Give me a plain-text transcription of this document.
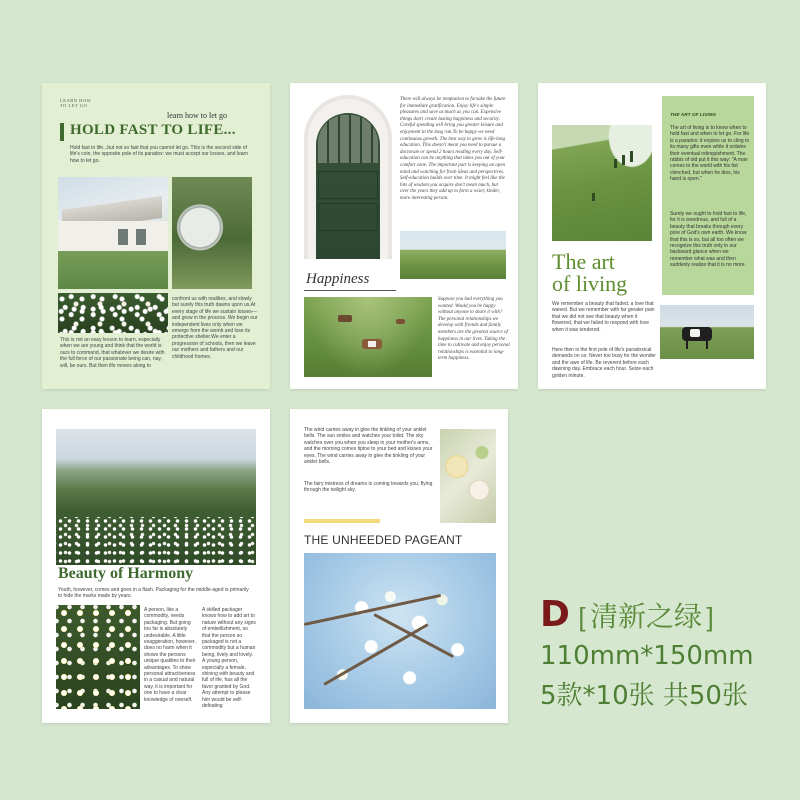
LEARN HOW
TO LET GO
learn how to let go
HOLD FAST TO LIFE...
Hold fast to life...but not so fast that you cannot let go. This is the second side of life's coin, the opposite pole of its paradox: we must accept our losses, and learn how to let go.
confront us with realities, and slowly but surely this truth dawns upon us.At every stage of life we sustain losses—and grow in the process. We begin our independent lives only when we emerge from the womb and lose its protective shelter.We enter a progression of schools, then we leave our mothers and fathers and our childhood homes.
This is not an easy lesson to learn, especially when we are young and think that the world is ours to command, that whatever we desire with the full force of our passionate being can, nay, will, be ours. But then life moves along to
There will always be temptation to forsake the future for immediate gratification. Enjoy life's simple pleasures and save as much as you can. Expensive things don't create lasting happiness and security. Careful spending will bring you greater leisure and enjoyment in the long run.To be happy we need continuous growth. The best way to grow is life-long education. This doesn't mean you need to pursue a doctorate or spend 2 hours reading every day. Self-education can be anything that takes you out of your comfort zone. The important part is keeping an open mind and watching for fresh ideas and perspectives. Self-education builds over time. It might feel like the bits of wisdom you acquire don't mean much, but over the years they add up to form a wiser, kinder, more interesting person.
Happiness
Suppose you had everything you wanted. Would you be happy without anyone to share it with? The personal relationships we develop with friends and family members are the greatest source of happiness in our lives. Taking the time to cultivate and enjoy personal relationships is essential to long-term happiness.
THE ART OF LIVING
The art of living is to know when to hold fast and when to let go. For life is a paradox: it enjoins us to cling to its many gifts even while it ordains their eventual relinquishment. The rabbis of old put it this way: "A man comes to the world with his fist clenched, but when he dies, his hand is open."
Surely we ought to hold fast to life, for it is wondrous, and full of a beauty that breaks through every pore of God's own earth. We know that this is so, but all too often we recognize this truth only in our backward glance when we remember what was and then suddenly realize that it is no more.
The art
of living
We remember a beauty that faded, a love that waned. But we remember with far greater pain that we did not see that beauty when it flowered, that we failed to respond with love when it was tendered.
Here then is the first pole of life's paradoxical demands on us: Never too busy for the wonder and the awe of life. Be reverent before each dawning day. Embrace each hour. Seize each golden minute.
Beauty of Harmony
Youth, however, comes and goes in a flash. Packaging for the middle-aged is primarily to hide the marks made by years.
A person, like a commodity, needs packaging. But going too far is absolutely undesirable. A little exaggeration, however, does no harm when it shows the persons unique qualities to their advantages. To show personal attractiveness in a casual and natural way, it is important for one to have a clear knowledge of oneself.
A skilled packager knows how to add art to nature without any signs of embellishment, so that the person so packaged is not a commodity but a human being, lively and lovely. A young person, especially a female, shining with beauty and full of life, has all the favor granted by God. Any attempt to please him would be self-defeating
The wind carries away in glee the tinkling of your anklet bells. The sun smiles and watches your toilet. The sky watches over you when you sleep in your mother's arms, and the morning comes tiptoe to your bed and kisses your eyes. The wind carries away in glee the tinkling of your anklet bells.
The fairy mistress of dreams is coming towards you, flying through the twilight sky.
THE UNHEEDED PAGEANT
D [ 清新之绿 ]
110mm*150mm
5款*10张 共50张
